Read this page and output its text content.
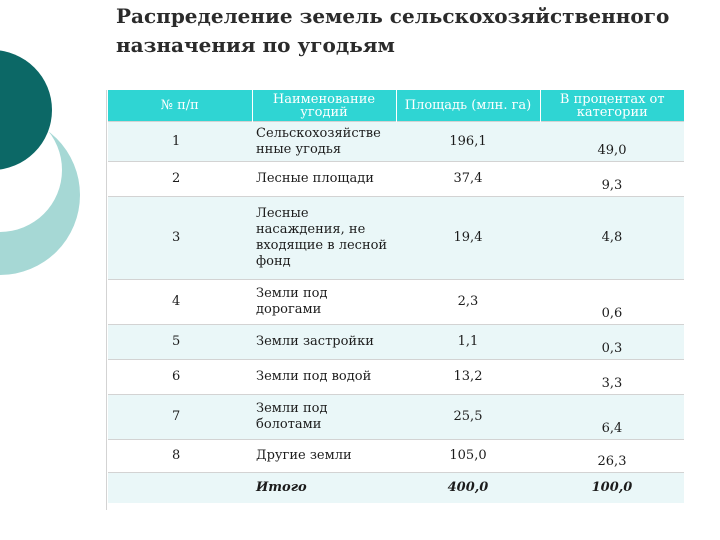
Распределение земель сельскохозяйственного назначения по угодьям
№ п/п	Наименование угодий	Площадь (млн. га)	В процентах от категории
1	Сельскохозяйстве нные угодья	196,1	49,0
2	Лесные площади	37,4	9,3
3	Лесные насаждения, не входящие в лесной фонд	19,4	4,8
4	Земли под дорогами	2,3	0,6
5	Земли застройки	1,1	0,3
6	Земли под водой	13,2	3,3
7	Земли под болотами	25,5	6,4
8	Другие земли	105,0	26,3
	Итого	400,0	100,0
